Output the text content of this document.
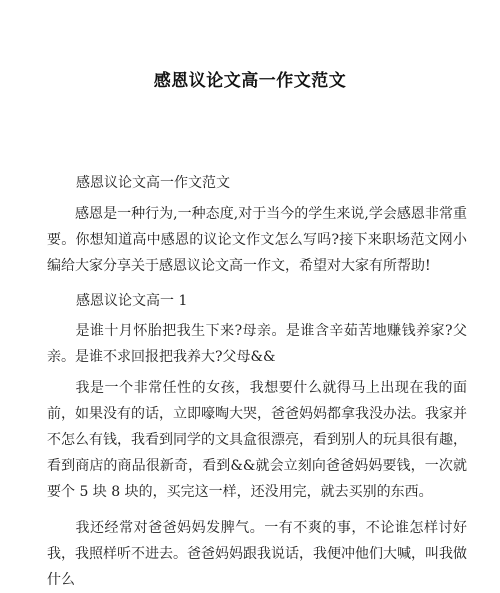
感恩议论文高一作文范文
感恩议论文高一作文范文

感恩是一种行为,一种态度,对于当今的学生来说,学会感恩非常重要。你想知道高中感恩的议论文作文怎么写吗?接下来职场范文网小编给大家分享关于感恩议论文高一作文，希望对大家有所帮助!

感恩议论文高一 1

是谁十月怀胎把我生下来?母亲。是谁含辛茹苦地赚钱养家?父亲。是谁不求回报把我养大?父母&&

我是一个非常任性的女孩，我想要什么就得马上出现在我的面前，如果没有的话，立即嚎啕大哭，爸爸妈妈都拿我没办法。我家并不怎么有钱，我看到同学的文具盒很漂亮，看到别人的玩具很有趣，看到商店的商品很新奇，看到&&就会立刻向爸爸妈妈要钱，一次就要个 5 块 8 块的，买完这一样，还没用完，就去买别的东西。

我还经常对爸爸妈妈发脾气。一有不爽的事，不论谁怎样讨好我，我照样听不进去。爸爸妈妈跟我说话，我便冲他们大喊，叫我做什么
